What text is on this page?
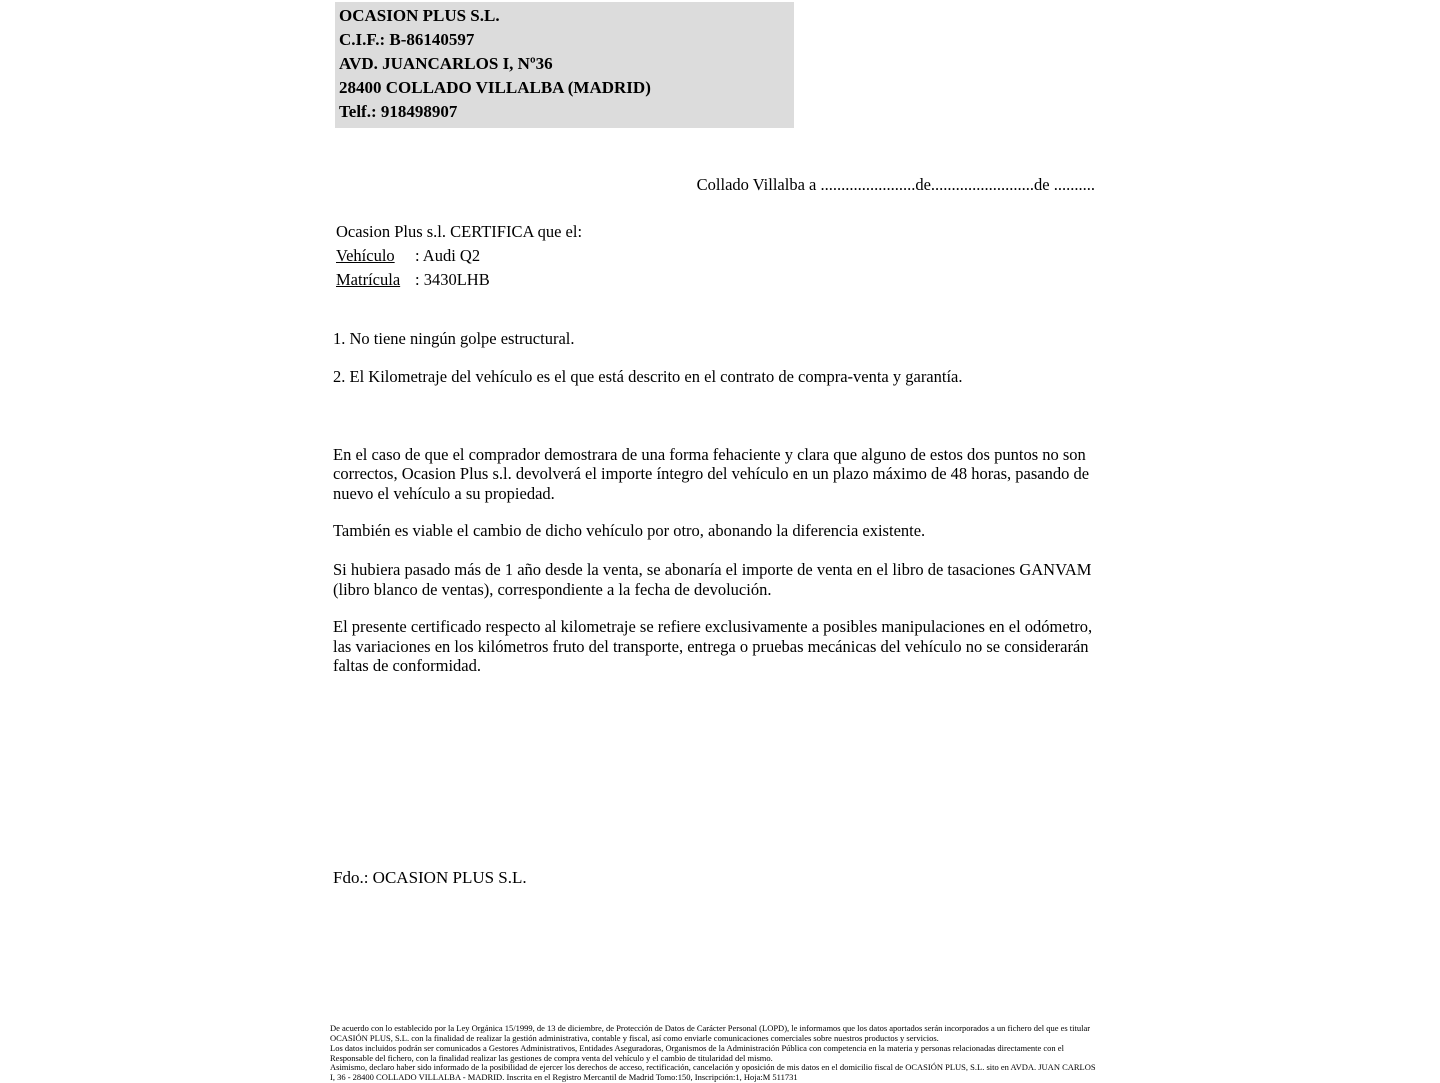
OCASION PLUS S.L.
C.I.F.: B-86140597
AVD. JUANCARLOS I, Nº36
28400 COLLADO VILLALBA (MADRID)
Telf.: 918498907
Collado Villalba a .......................de.........................de ..........
Ocasion Plus s.l. CERTIFICA que el:
Vehículo : Audi Q2
Matrícula : 3430LHB

1. No tiene ningún golpe estructural.

2. El Kilometraje del vehículo es el que está descrito en el contrato de compra-venta y garantía.

En el caso de que el comprador demostrara de una forma fehaciente y clara que alguno de estos dos puntos no son correctos, Ocasion Plus s.l. devolverá el importe íntegro del vehículo en un plazo máximo de 48 horas, pasando de nuevo el vehículo a su propiedad.

También es viable el cambio de dicho vehículo por otro, abonando la diferencia existente.

Si hubiera pasado más de 1 año desde la venta, se abonaría el importe de venta en el libro de tasaciones GANVAM (libro blanco de ventas), correspondiente a la fecha de devolución.

El presente certificado respecto al kilometraje se refiere exclusivamente a posibles manipulaciones en el odómetro, las variaciones en los kilómetros fruto del transporte, entrega o pruebas mecánicas del vehículo no se considerarán faltas de conformidad.

Fdo.: OCASION PLUS S.L.
De acuerdo con lo establecido por la Ley Orgánica 15/1999, de 13 de diciembre, de Protección de Datos de Carácter Personal (LOPD), le informamos que los datos aportados serán incorporados a un fichero del que es titular OCASIÓN PLUS, S.L. con la finalidad de realizar la gestión administrativa, contable y fiscal, así como enviarle comunicaciones comerciales sobre nuestros productos y servicios.
Los datos incluidos podrán ser comunicados a Gestores Administrativos, Entidades Aseguradoras, Organismos de la Administración Pública con competencia en la materia y personas relacionadas directamente con el Responsable del fichero, con la finalidad realizar las gestiones de compra venta del vehículo y el cambio de titularidad del mismo.
Asimismo, declaro haber sido informado de la posibilidad de ejercer los derechos de acceso, rectificación, cancelación y oposición de mis datos en el domicilio fiscal de OCASIÓN PLUS, S.L. sito en AVDA. JUAN CARLOS I, 36 - 28400 COLLADO VILLALBA - MADRID. Inscrita en el Registro Mercantil de Madrid Tomo:150, Inscripción:1, Hoja:M 511731
